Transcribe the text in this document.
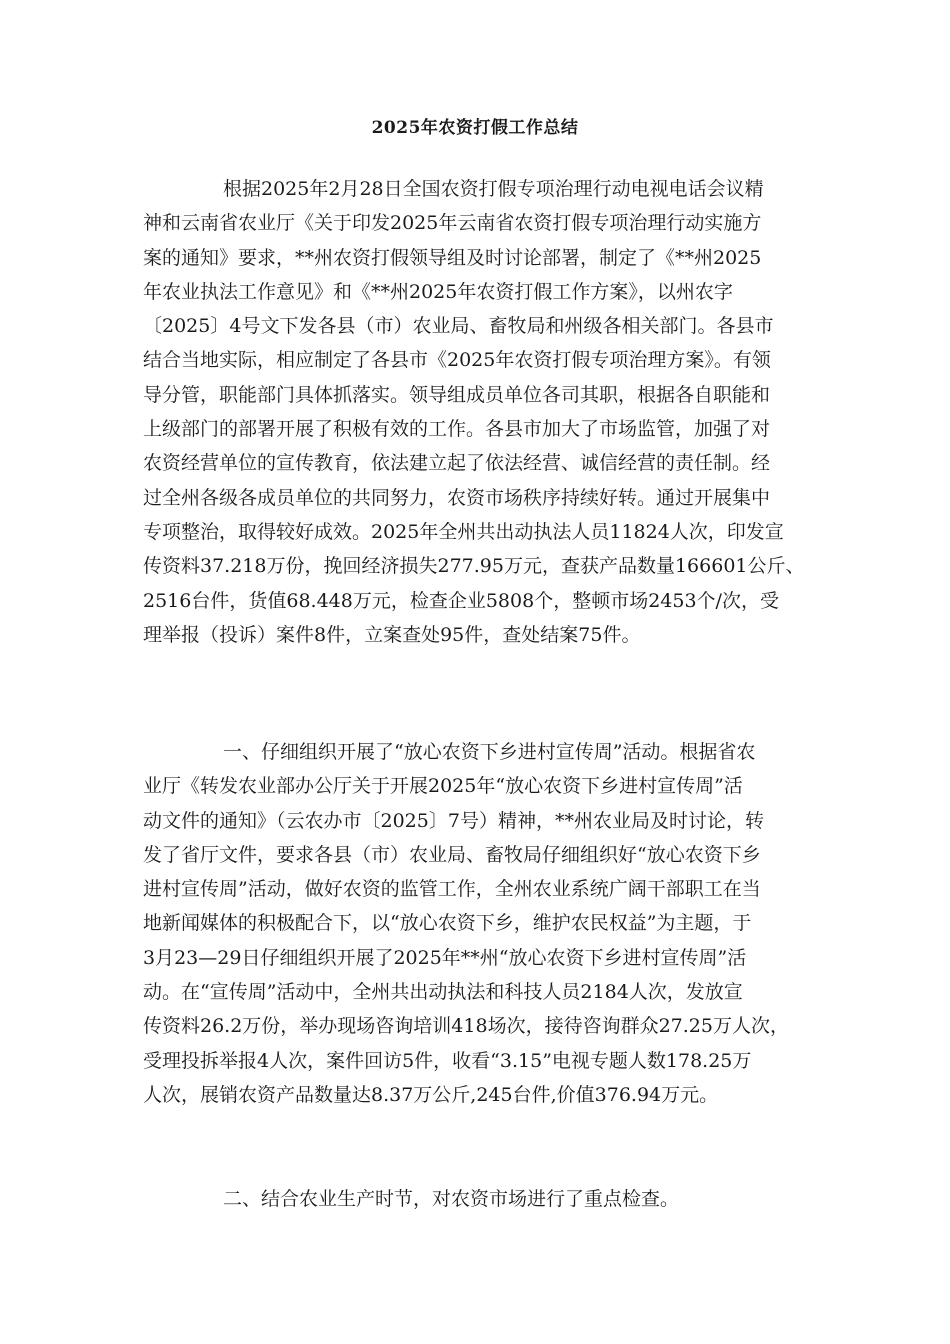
2025年农资打假工作总结
根据2025年2月28日全国农资打假专项治理行动电视电话会议精
神和云南省农业厅《关于印发2025年云南省农资打假专项治理行动实施方
案的通知》要求，**州农资打假领导组及时讨论部署，制定了《**州2025
年农业执法工作意见》和《**州2025年农资打假工作方案》，以州农字
〔2025〕4号文下发各县（市）农业局、畜牧局和州级各相关部门。各县市
结合当地实际，相应制定了各县市《2025年农资打假专项治理方案》。有领
导分管，职能部门具体抓落实。领导组成员单位各司其职，根据各自职能和
上级部门的部署开展了积极有效的工作。各县市加大了市场监管，加强了对
农资经营单位的宣传教育，依法建立起了依法经营、诚信经营的责任制。经
过全州各级各成员单位的共同努力，农资市场秩序持续好转。通过开展集中
专项整治，取得较好成效。2025年全州共出动执法人员11824人次，印发宣
传资料37.218万份，挽回经济损失277.95万元，查获产品数量166601公斤、
2516台件，货值68.448万元，检查企业5808个，整顿市场2453个/次，受
理举报（投诉）案件8件，立案查处95件，查处结案75件。
一、仔细组织开展了“放心农资下乡进村宣传周”活动。根据省农
业厅《转发农业部办公厅关于开展2025年“放心农资下乡进村宣传周”活
动文件的通知》（云农办市〔2025〕7号）精神，**州农业局及时讨论，转
发了省厅文件，要求各县（市）农业局、畜牧局仔细组织好“放心农资下乡
进村宣传周”活动，做好农资的监管工作，全州农业系统广阔干部职工在当
地新闻媒体的积极配合下，以“放心农资下乡，维护农民权益”为主题，于
3月23—29日仔细组织开展了2025年**州“放心农资下乡进村宣传周”活
动。在“宣传周”活动中，全州共出动执法和科技人员2184人次，发放宣
传资料26.2万份，举办现场咨询培训418场次，接待咨询群众27.25万人次，
受理投拆举报4人次，案件回访5件，收看“3.15”电视专题人数178.25万
人次，展销农资产品数量达8.37万公斤,245台件,价值376.94万元。
二、结合农业生产时节，对农资市场进行了重点检查。
